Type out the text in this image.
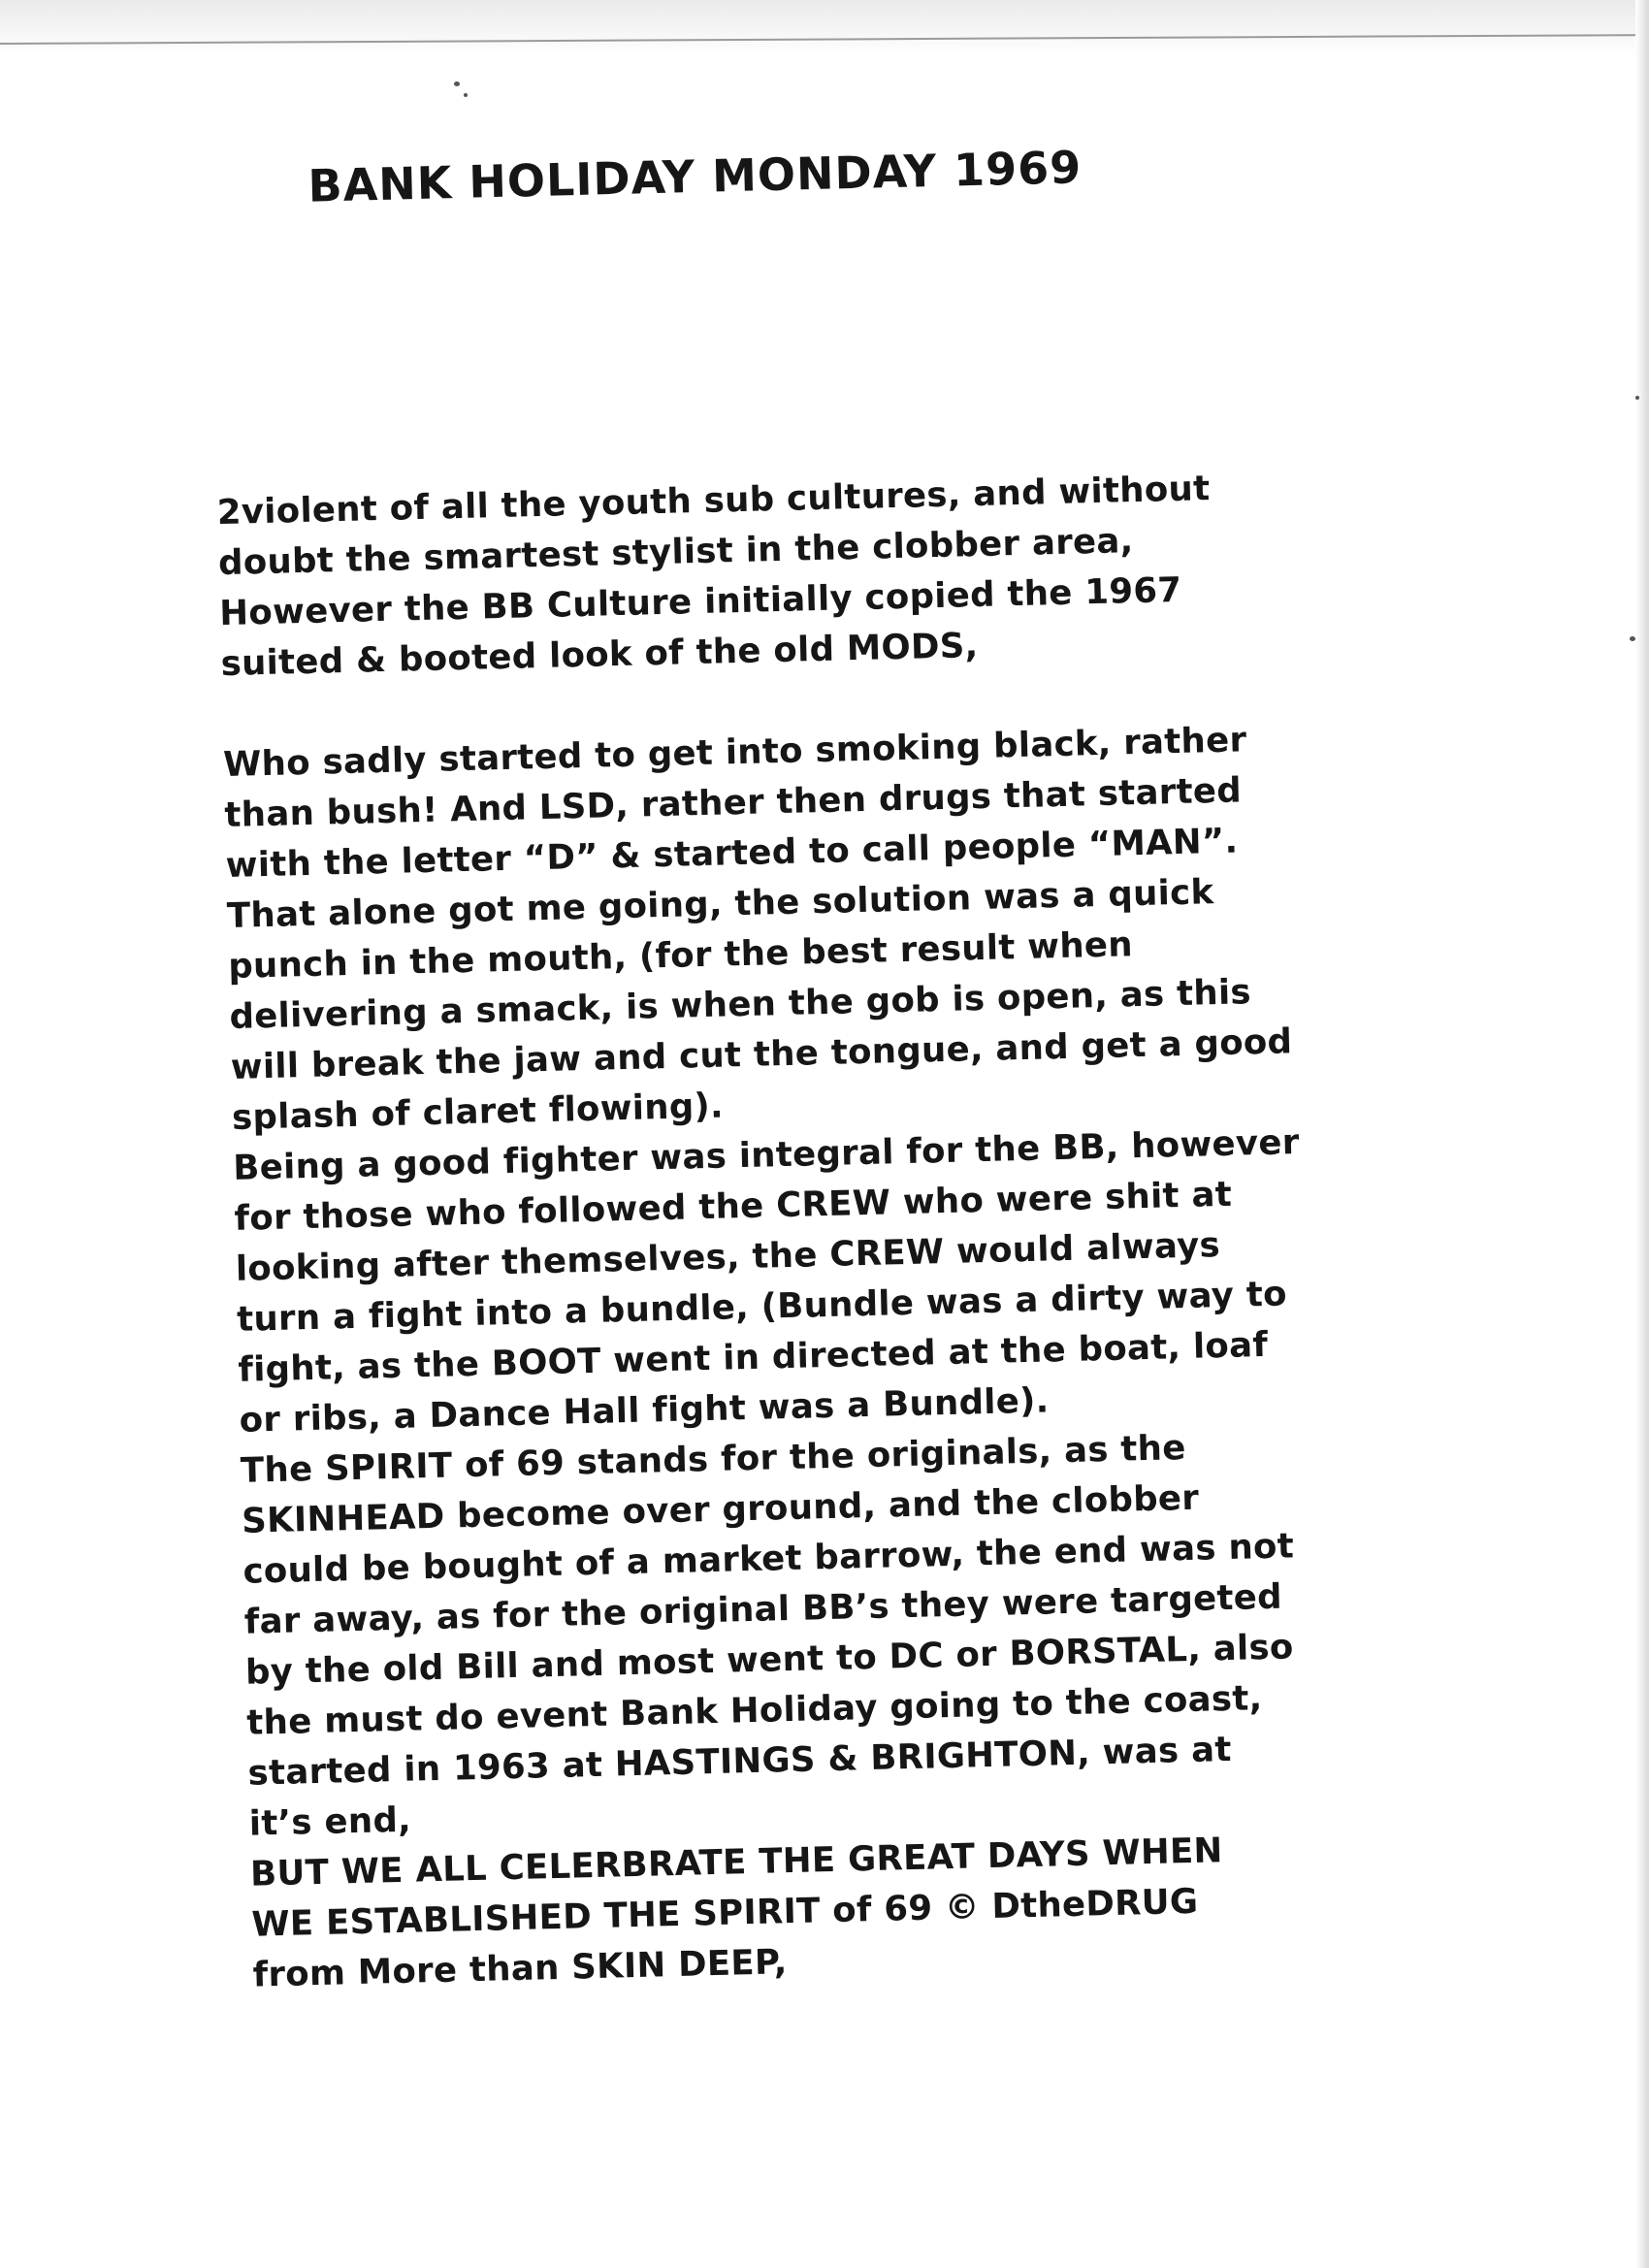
BANK HOLIDAY MONDAY 1969

2violent of all the youth sub cultures, and without

doubt the smartest stylist in the clobber area,

However the BB Culture initially copied the 1967

suited & booted look of the old MODS,

Who sadly started to get into smoking black, rather

than bush! And LSD, rather then drugs that started

with the letter “D” & started to call people “MAN”.

That alone got me going, the solution was a quick

punch in the mouth, (for the best result when

delivering a smack, is when the gob is open, as this

will break the jaw and cut the tongue, and get a good

splash of claret flowing).

Being a good fighter was integral for the BB, however

for those who followed the CREW who were shit at

looking after themselves, the CREW would always

turn a fight into a bundle, (Bundle was a dirty way to

fight, as the BOOT went in directed at the boat, loaf

or ribs, a Dance Hall fight was a Bundle).

The SPIRIT of 69 stands for the originals, as the

SKINHEAD become over ground, and the clobber

could be bought of a market barrow, the end was not

far away, as for the original BB’s they were targeted

by the old Bill and most went to DC or BORSTAL, also

the must do event Bank Holiday going to the coast,

started in 1963 at HASTINGS & BRIGHTON, was at

it’s end,

BUT WE ALL CELERBRATE THE GREAT DAYS WHEN

WE ESTABLISHED THE SPIRIT of 69 © DtheDRUG

from More than SKIN DEEP,
